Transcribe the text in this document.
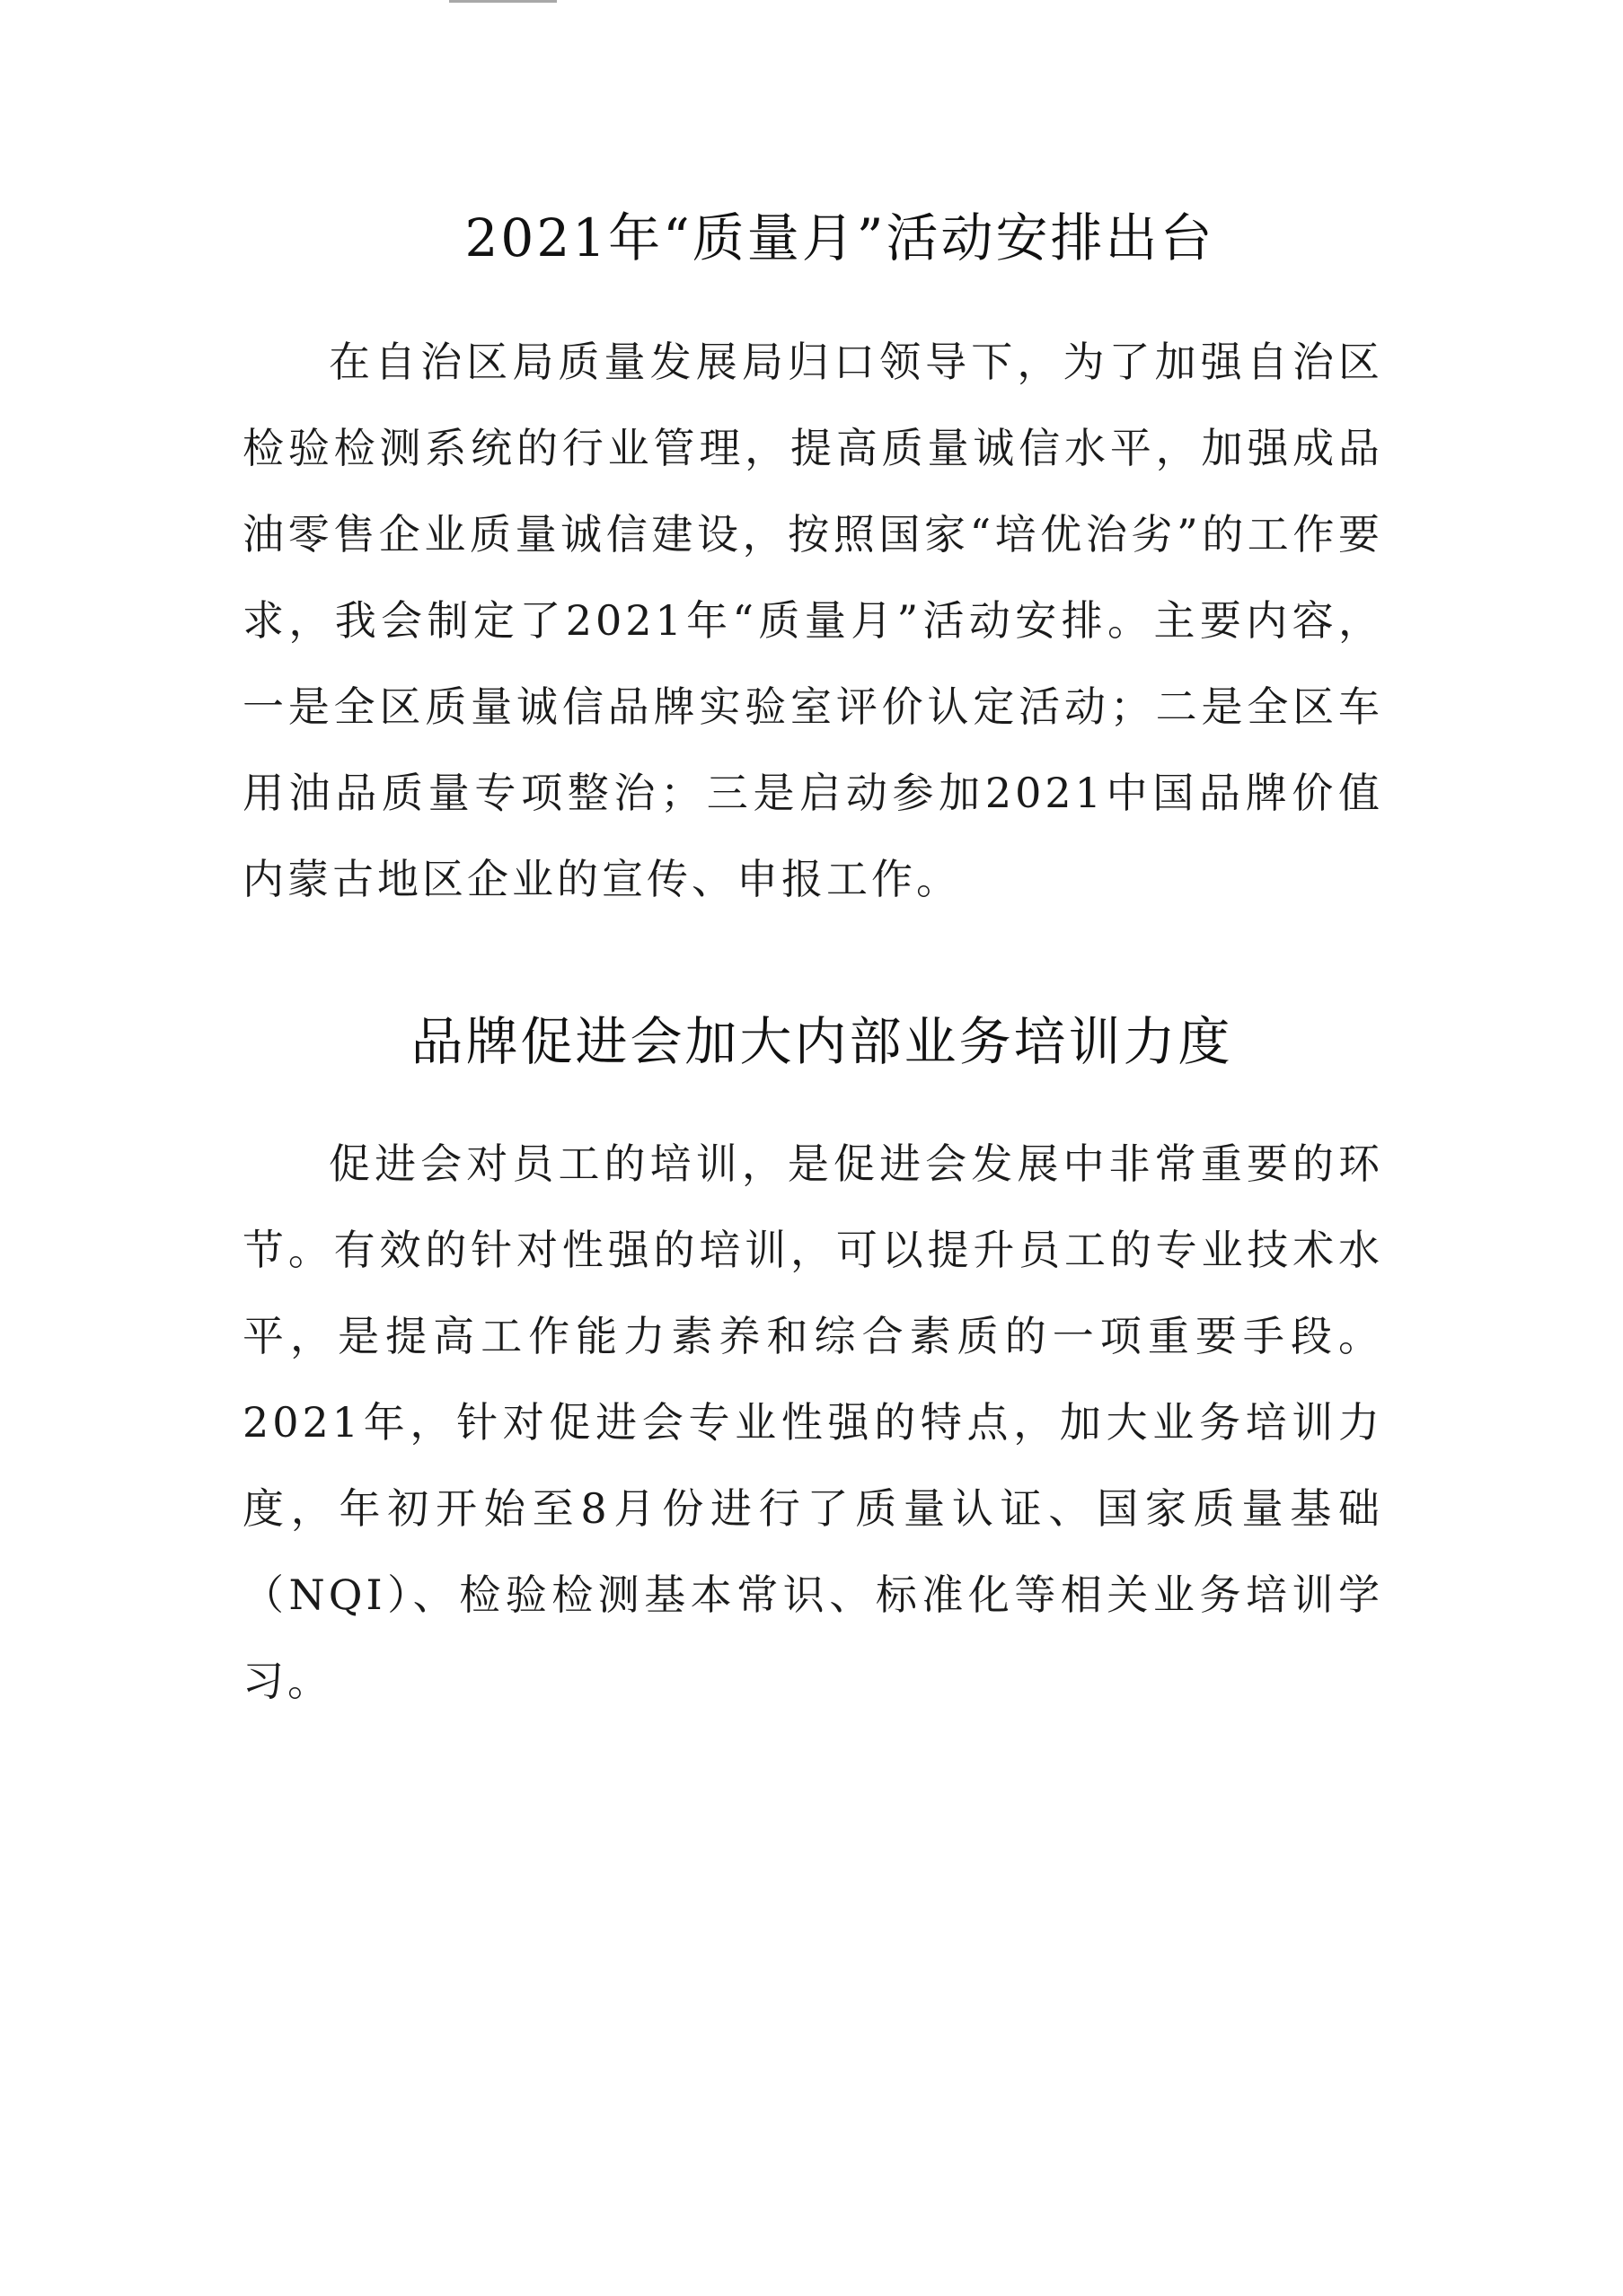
2021年“质量月”活动安排出台

在自治区局质量发展局归口领导下，为了加强自治区检验检测系统的行业管理，提高质量诚信水平，加强成品油零售企业质量诚信建设，按照国家“培优治劣”的工作要求，我会制定了2021年“质量月”活动安排。主要内容，一是全区质量诚信品牌实验室评价认定活动；二是全区车用油品质量专项整治；三是启动参加2021中国品牌价值内蒙古地区企业的宣传、申报工作。

品牌促进会加大内部业务培训力度

促进会对员工的培训，是促进会发展中非常重要的环节。有效的针对性强的培训，可以提升员工的专业技术水平，是提高工作能力素养和综合素质的一项重要手段。2021年，针对促进会专业性强的特点，加大业务培训力度，年初开始至8月份进行了质量认证、国家质量基础（NQI）、检验检测基本常识、标准化等相关业务培训学习。
